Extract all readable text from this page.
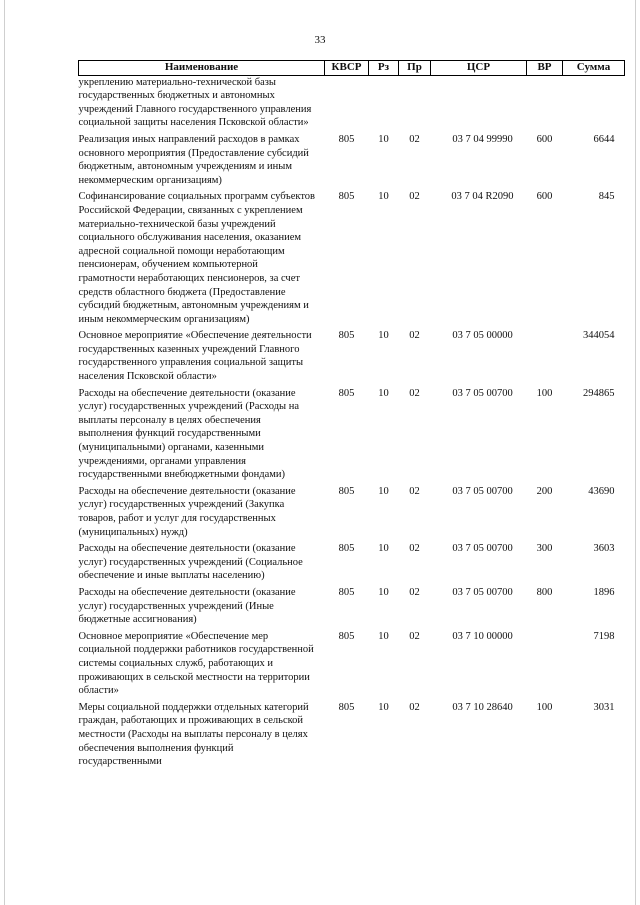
33
Наименование	КВСР	Рз	Пр	ЦСР	ВР	Сумма
укреплению материально-технической базы государственных бюджетных и автономных учреждений Главного государственного управления социальной защиты населения Псковской области»						
Реализация иных направлений расходов в рамках основного мероприятия (Предоставление субсидий бюджетным, автономным учреждениям и иным некоммерческим организациям)	805	10	02	03 7 04 99990	600	6644
Софинансирование социальных программ субъектов Российской Федерации, связанных с укреплением материально-технической базы учреждений социального обслуживания населения, оказанием адресной социальной помощи неработающим пенсионерам, обучением компьютерной грамотности неработающих пенсионеров, за счет средств областного бюджета (Предоставление субсидий бюджетным, автономным учреждениям и иным некоммерческим организациям)	805	10	02	03 7 04 R2090	600	845
Основное мероприятие «Обеспечение деятельности государственных казенных учреждений Главного государственного управления социальной защиты населения Псковской области»	805	10	02	03 7 05 00000		344054
Расходы на обеспечение деятельности (оказание услуг) государственных учреждений (Расходы на выплаты персоналу в целях обеспечения выполнения функций государственными (муниципальными) органами, казенными учреждениями, органами управления государственными внебюджетными фондами)	805	10	02	03 7 05 00700	100	294865
Расходы на обеспечение деятельности (оказание услуг) государственных учреждений (Закупка товаров, работ и услуг для государственных (муниципальных) нужд)	805	10	02	03 7 05 00700	200	43690
Расходы на обеспечение деятельности (оказание услуг) государственных учреждений (Социальное обеспечение и иные выплаты населению)	805	10	02	03 7 05 00700	300	3603
Расходы на обеспечение деятельности (оказание услуг) государственных учреждений (Иные бюджетные ассигнования)	805	10	02	03 7 05 00700	800	1896
Основное мероприятие «Обеспечение мер социальной поддержки работников государственной системы социальных служб, работающих и проживающих в сельской местности на территории области»	805	10	02	03 7 10 00000		7198
Меры социальной поддержки отдельных категорий граждан, работающих и проживающих в сельской местности (Расходы на выплаты персоналу в целях обеспечения выполнения функций государственными	805	10	02	03 7 10 28640	100	3031
